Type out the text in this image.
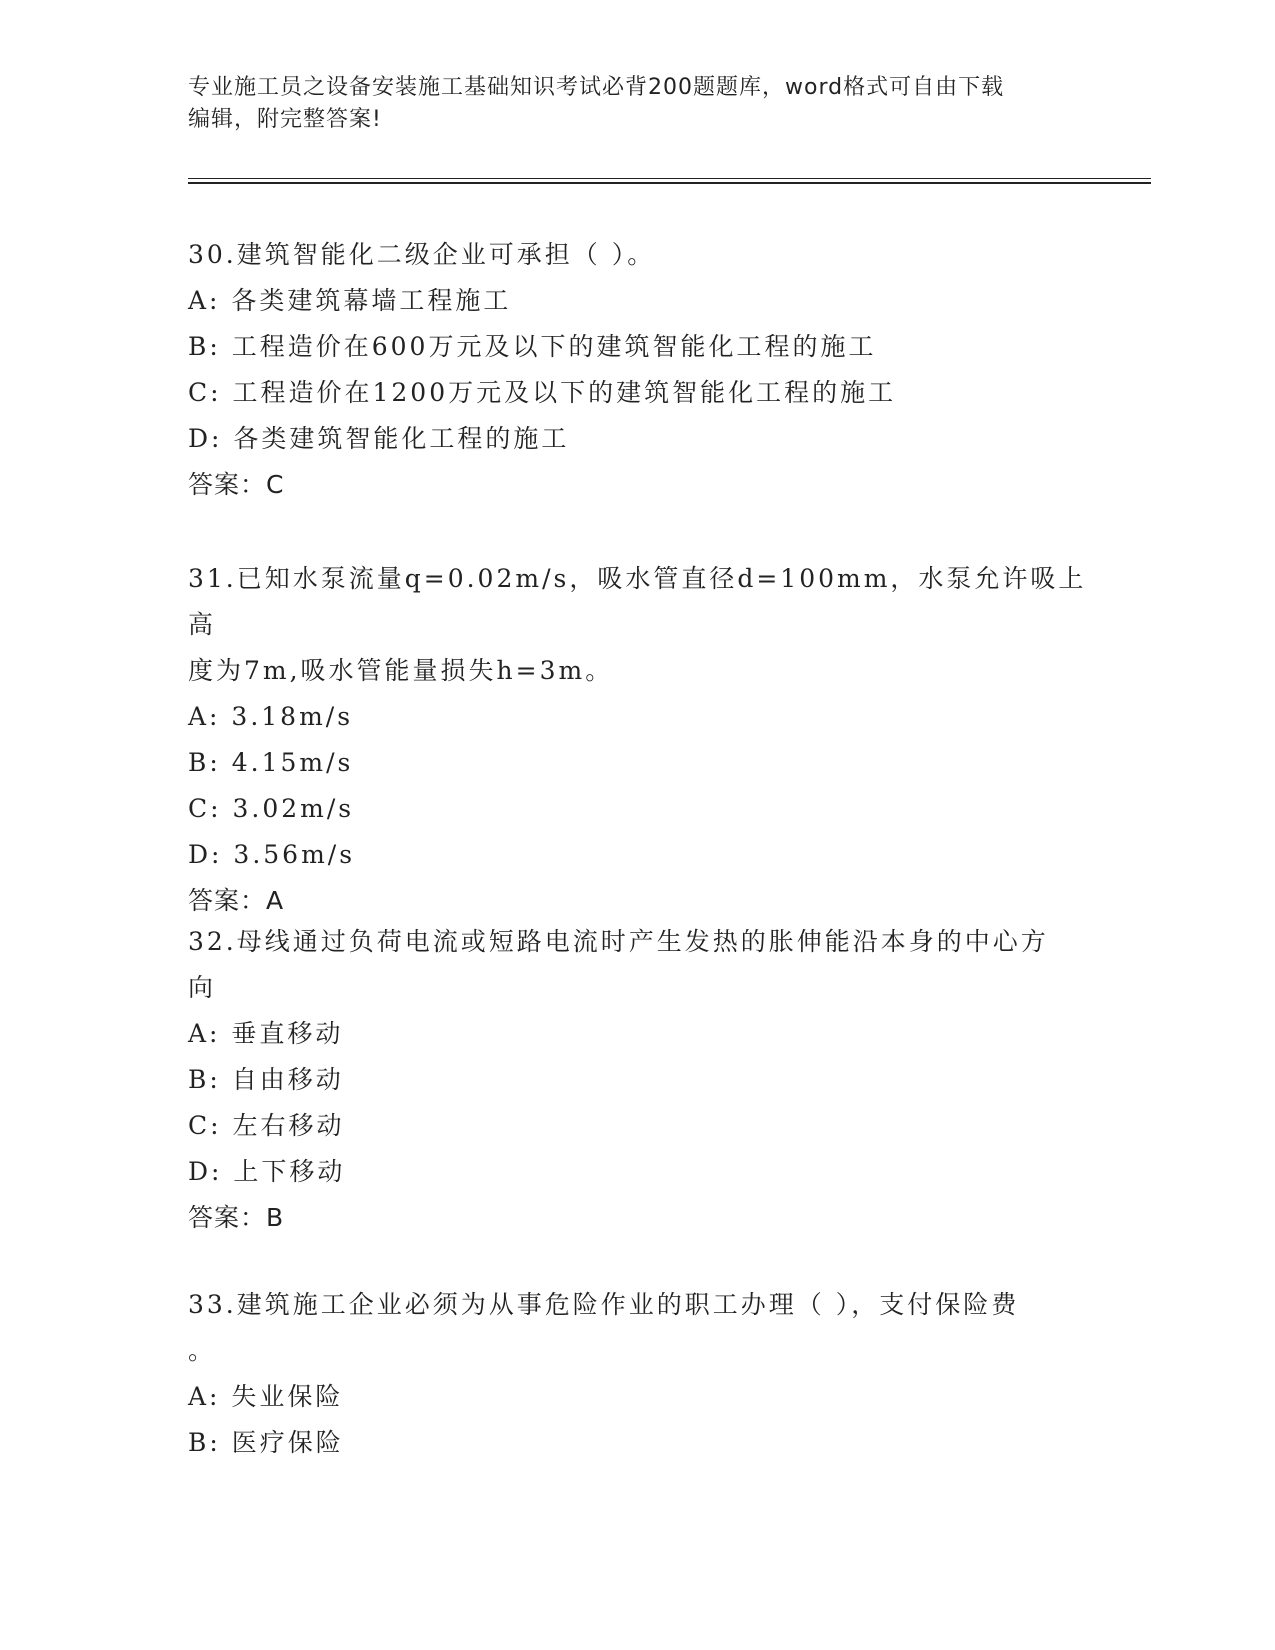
专业施工员之设备安装施工基础知识考试必背200题题库，word格式可自由下载
编辑，附完整答案!

30.建筑智能化二级企业可承担（ ）。

A: 各类建筑幕墙工程施工

B: 工程造价在600万元及以下的建筑智能化工程的施工

C: 工程造价在1200万元及以下的建筑智能化工程的施工

D: 各类建筑智能化工程的施工

答案：C

31.已知水泵流量q=0.02m/s，吸水管直径d=100mm，水泵允许吸上高

度为7m,吸水管能量损失h=3m。

A: 3.18m/s

B: 4.15m/s

C: 3.02m/s

D: 3.56m/s

答案：A

32.母线通过负荷电流或短路电流时产生发热的胀伸能沿本身的中心方

向

A: 垂直移动

B: 自由移动

C: 左右移动

D: 上下移动

答案：B

33.建筑施工企业必须为从事危险作业的职工办理（ ），支付保险费

。

A: 失业保险

B: 医疗保险
